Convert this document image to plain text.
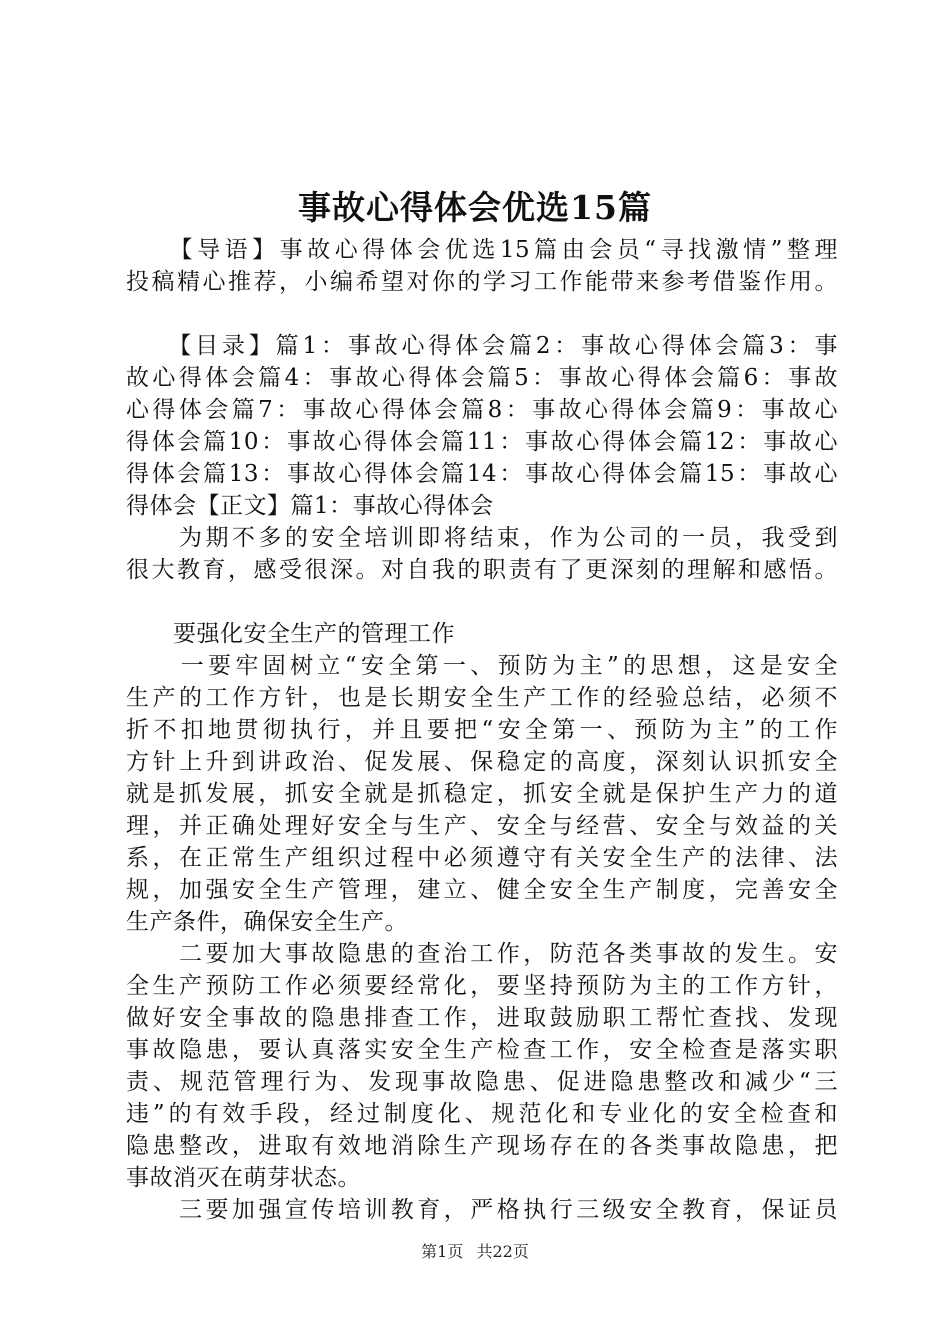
事故心得体会优选15篇
　　【导语】事故心得体会优选15篇由会员“寻找激情”整理
投稿精心推荐，小编希望对你的学习工作能带来参考借鉴作用。
　　【目录】篇1：事故心得体会篇2：事故心得体会篇3：事
故心得体会篇4：事故心得体会篇5：事故心得体会篇6：事故
心得体会篇7：事故心得体会篇8：事故心得体会篇9：事故心
得体会篇10：事故心得体会篇11：事故心得体会篇12：事故心
得体会篇13：事故心得体会篇14：事故心得体会篇15：事故心
得体会【正文】篇1：事故心得体会
　　为期不多的安全培训即将结束，作为公司的一员，我受到
很大教育，感受很深。对自我的职责有了更深刻的理解和感悟。
　　要强化安全生产的管理工作
　　一要牢固树立“安全第一、预防为主”的思想，这是安全
生产的工作方针，也是长期安全生产工作的经验总结，必须不
折不扣地贯彻执行，并且要把“安全第一、预防为主”的工作
方针上升到讲政治、促发展、保稳定的高度，深刻认识抓安全
就是抓发展，抓安全就是抓稳定，抓安全就是保护生产力的道
理，并正确处理好安全与生产、安全与经营、安全与效益的关
系，在正常生产组织过程中必须遵守有关安全生产的法律、法
规，加强安全生产管理，建立、健全安全生产制度，完善安全
生产条件，确保安全生产。
　　二要加大事故隐患的查治工作，防范各类事故的发生。安
全生产预防工作必须要经常化，要坚持预防为主的工作方针，
做好安全事故的隐患排查工作，进取鼓励职工帮忙查找、发现
事故隐患，要认真落实安全生产检查工作，安全检查是落实职
责、规范管理行为、发现事故隐患、促进隐患整改和减少“三
违”的有效手段，经过制度化、规范化和专业化的安全检查和
隐患整改，进取有效地消除生产现场存在的各类事故隐患，把
事故消灭在萌芽状态。
　　三要加强宣传培训教育，严格执行三级安全教育，保证员
第1页 共22页
